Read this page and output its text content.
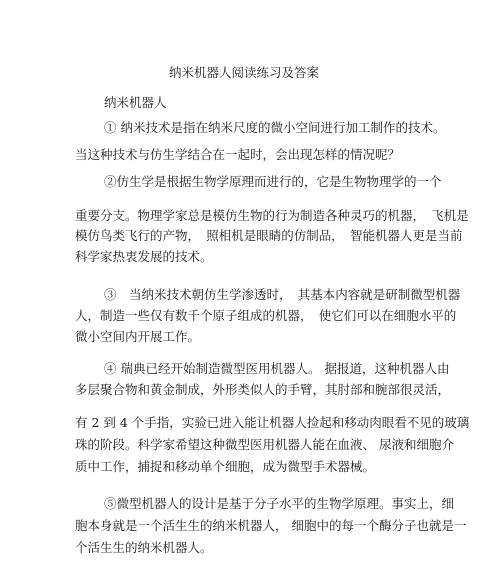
纳米机器人阅读练习及答案

纳米机器人

① 纳米技术是指在纳米尺度的微小空间进行加工制作的技术。

当这种技术与仿生学结合在一起时，会出现怎样的情况呢？

②仿生学是根据生物学原理而进行的，它是生物物理学的一个

重要分支。物理学家总是模仿生物的行为制造各种灵巧的机器，　飞机是

模仿鸟类飞行的产物，　照相机是眼睛的仿制品，　智能机器人更是当前

科学家热衷发展的技术。

③　当纳米技术朝仿生学渗透时，　其基本内容就是研制微型机器

人，制造一些仅有数千个原子组成的机器，　使它们可以在细胞水平的

微小空间内开展工作。

④ 瑞典已经开始制造微型医用机器人。 据报道，这种机器人由

多层聚合物和黄金制成，外形类似人的手臂，其肘部和腕部很灵活，

有 2 到 4 个手指，实验已进入能让机器人捡起和移动肉眼看不见的玻璃

珠的阶段。科学家希望这种微型医用机器人能在血液、 尿液和细胞介

质中工作，捕捉和移动单个细胞，成为微型手术器械。

⑤微型机器人的设计是基于分子水平的生物学原理。事实上，细

胞本身就是一个活生生的纳米机器人， 细胞中的每一个酶分子也就是一

个活生生的纳米机器人。
